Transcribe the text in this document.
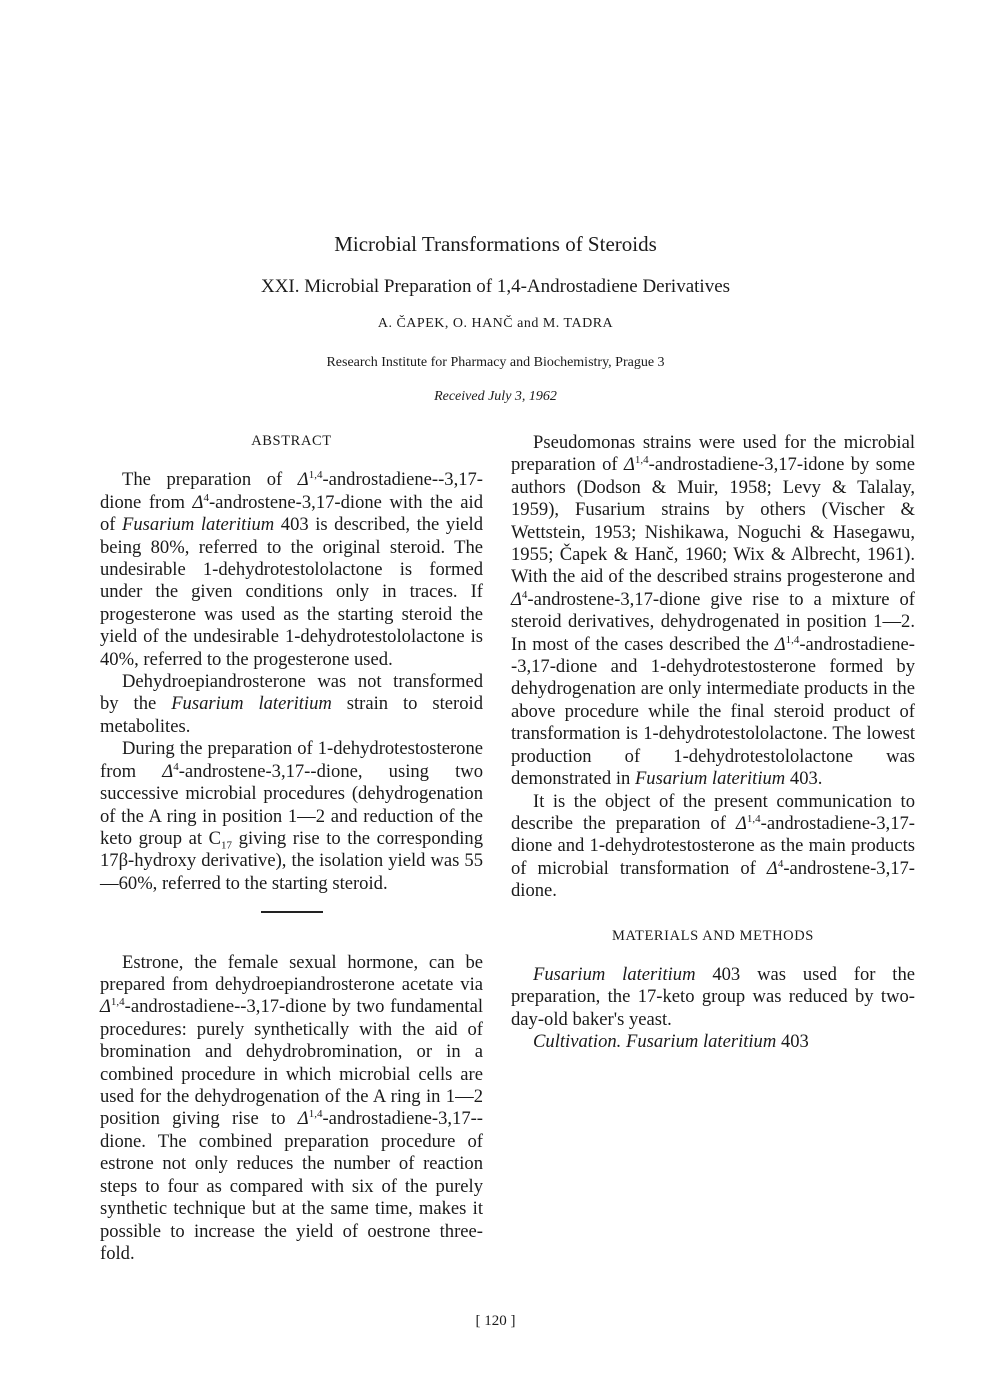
Microbial Transformations of Steroids
XXI. Microbial Preparation of 1,4-Androstadiene Derivatives
A. ČAPEK, O. HANČ and M. TADRA
Research Institute for Pharmacy and Biochemistry, Prague 3
Received July 3, 1962
ABSTRACT

The preparation of Δ$^{1,4}$-androstadiene--3,17-dione from $\Delta^4-androstene-3,17$-dione with the aid of Fusarium lateritium 403 is described, the yield being 80%, referred to the original steroid. The undesirable 1-dehydrotestololactone is formed under the given conditions only in traces. If progesterone was used as the starting steroid the yield of the undesirable 1-dehydrotestololactone is 40%, referred to the progesterone used.

Dehydroepiandrosterone was not transformed by the Fusarium lateritium strain to steroid metabolites.

During the preparation of 1-dehydrotestosterone from $\Delta^4-androstene-3,17-$-dione, using two successive microbial procedures (dehydrogenation of the A ring in position 1—2 and reduction of the keto group at $C_{17}$ giving rise to the corresponding 17β-hydroxy derivative), the isolation yield was 55—60%, referred to the starting steroid.

Estrone, the female sexual hormone, can be prepared from dehydroepiandrosterone acetate via Δ$^{1,4}$-androstadiene--3,17-dione by two fundamental procedures: purely synthetically with the aid of bromination and dehydrobromination, or in a combined procedure in which microbial cells are used for the dehydrogenation of the A ring in 1—2 position giving rise to Δ$^{1,4}$-androstadiene-3,17--dione. The combined preparation procedure of estrone not only reduces the number of reaction steps to four as compared with six of the purely synthetic technique but at the same time, makes it possible to increase the yield of oestrone three-fold.

Pseudomonas strains were used for the microbial preparation of Δ$^{1,4}$-androstadiene-3,17-idone by some authors (Dodson & Muir, 1958; Levy & Talalay, 1959), Fusarium strains by others (Vischer & Wettstein, 1953; Nishikawa, Noguchi & Hasegawu, 1955; Čapek & Hanč, 1960; Wix & Albrecht, 1961). With the aid of the described strains progesterone and $\Delta^4-androstene-3,17$-dione give rise to a mixture of steroid derivatives, dehydrogenated in position 1—2. In most of the cases described the Δ$^{1,4}$-androstadiene--3,17-dione and 1-dehydrotestosterone formed by dehydrogenation are only intermediate products in the above procedure while the final steroid product of transformation is 1-dehydrotestololactone. The lowest production of 1-dehydrotestololactone was demonstrated in Fusarium lateritium 403.

It is the object of the present communication to describe the preparation of Δ$^{1,4}$-androstadiene-3,17-dione and 1-dehydrotestosterone as the main products of microbial transformation of $\Delta^4-androstene-3,17$-dione.

MATERIALS AND METHODS

Fusarium lateritium 403 was used for the preparation, the 17-keto group was reduced by two-day-old baker's yeast.

Cultivation. Fusarium lateritium 403

[ 120 ]
